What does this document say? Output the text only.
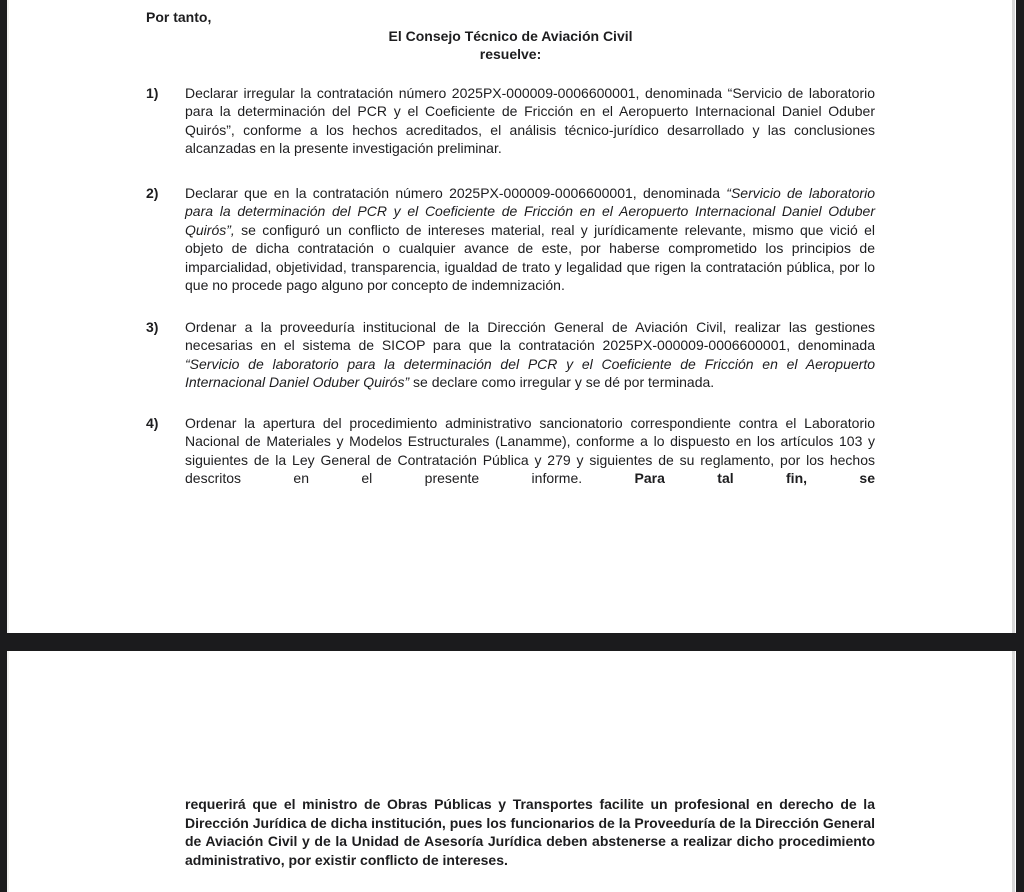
Por tanto,

El Consejo Técnico de Aviación Civil
resuelve:
1) Declarar irregular la contratación número 2025PX-000009-0006600001, denominada “Servicio de laboratorio para la determinación del PCR y el Coeficiente de Fricción en el Aeropuerto Internacional Daniel Oduber Quirós”, conforme a los hechos acreditados, el análisis técnico-jurídico desarrollado y las conclusiones alcanzadas en la presente investigación preliminar.
2) Declarar que en la contratación número 2025PX-000009-0006600001, denominada “Servicio de laboratorio para la determinación del PCR y el Coeficiente de Fricción en el Aeropuerto Internacional Daniel Oduber Quirós”, se configuró un conflicto de intereses material, real y jurídicamente relevante, mismo que vició el objeto de dicha contratación o cualquier avance de este, por haberse comprometido los principios de imparcialidad, objetividad, transparencia, igualdad de trato y legalidad que rigen la contratación pública, por lo que no procede pago alguno por concepto de indemnización.
3) Ordenar a la proveeduría institucional de la Dirección General de Aviación Civil, realizar las gestiones necesarias en el sistema de SICOP para que la contratación 2025PX-000009-0006600001, denominada “Servicio de laboratorio para la determinación del PCR y el Coeficiente de Fricción en el Aeropuerto Internacional Daniel Oduber Quirós” se declare como irregular y se dé por terminada.
4) Ordenar la apertura del procedimiento administrativo sancionatorio correspondiente contra el Laboratorio Nacional de Materiales y Modelos Estructurales (Lanamme), conforme a lo dispuesto en los artículos 103 y siguientes de la Ley General de Contratación Pública y 279 y siguientes de su reglamento, por los hechos descritos en el presente informe. Para tal fin, se

requerirá que el ministro de Obras Públicas y Transportes facilite un profesional en derecho de la Dirección Jurídica de dicha institución, pues los funcionarios de la Proveeduría de la Dirección General de Aviación Civil y de la Unidad de Asesoría Jurídica deben abstenerse a realizar dicho procedimiento administrativo, por existir conflicto de intereses.
